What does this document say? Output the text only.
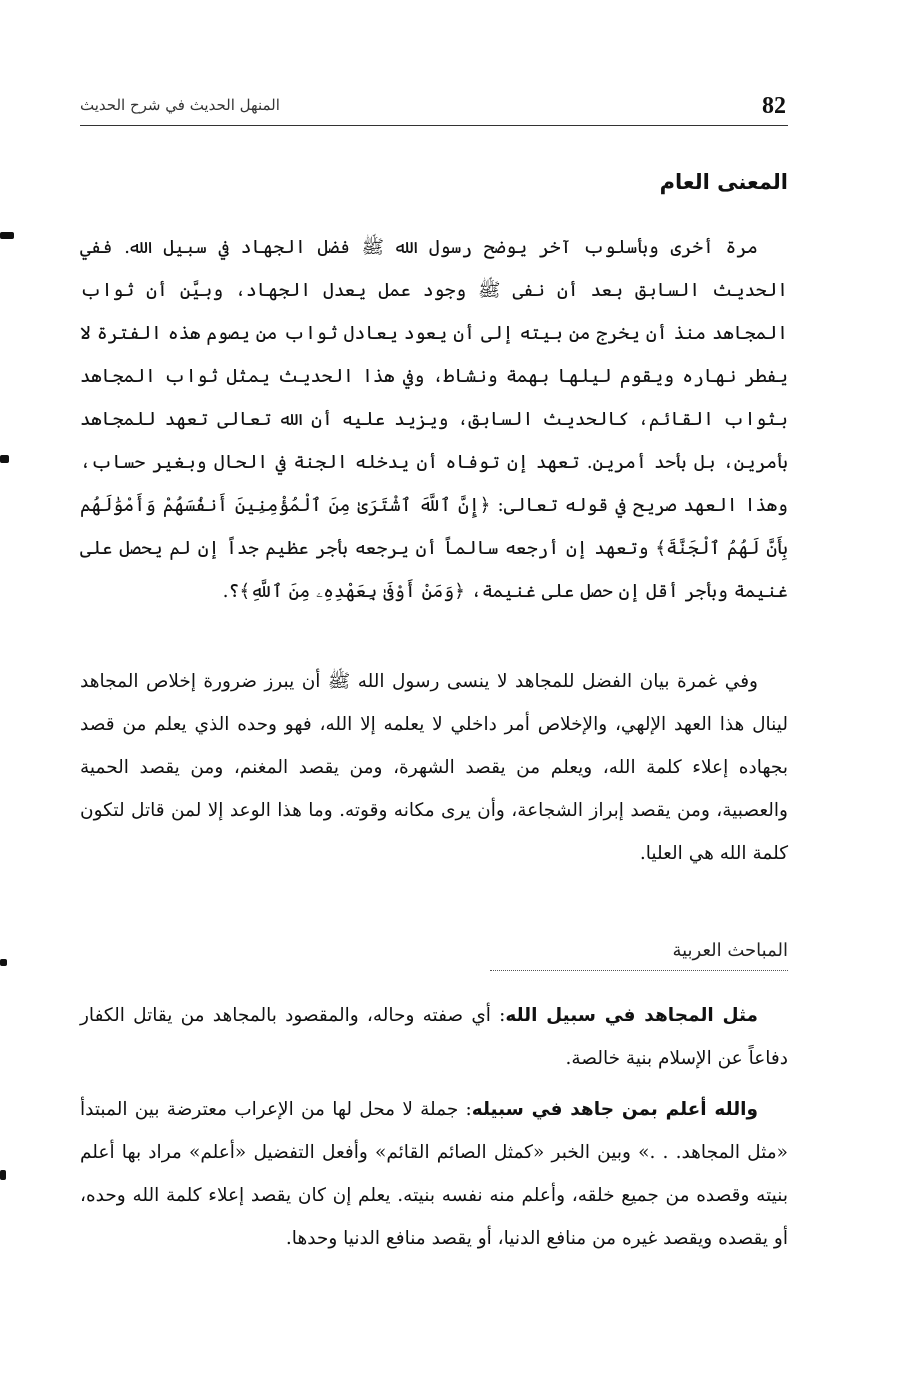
82
المنهل الحديث في شرح الحديث
المعنى العام
مرة أخرى وبأسلوب آخر يوضح رسول الله ﷺ فضل الجهاد في سبيل الله. ففي الحديث السابق بعد أن نفى ﷺ وجود عمل يعدل الجهاد، وبيَّن أن ثواب المجاهد منذ أن يخرج من بيته إلى أن يعود يعادل ثواب من يصوم هذه الفترة لا يفطر نهاره ويقوم ليلها بهمة ونشاط، وفي هذا الحديث يمثل ثواب المجاهد بثواب القائم، كالحديث السابق، ويزيد عليه أن الله تعالى تعهد للمجاهد بأمرين، بل بأحد أمرين. تعهد إن توفاه أن يدخله الجنة في الحال وبغير حساب، وهذا العهد صريح في قوله تعالى: ﴿إِنَّ ٱللَّهَ ٱشْتَرَىٰ مِنَ ٱلْمُؤْمِنِينَ أَنفُسَهُمْ وَأَمْوَٰلَهُم بِأَنَّ لَهُمُ ٱلْجَنَّةَ﴾ وتعهد إن أرجعه سالماً أن يرجعه بأجر عظيم جداً إن لم يحصل على غنيمة وبأجر أقل إن حصل على غنيمة، ﴿وَمَنْ أَوْفَىٰ بِعَهْدِهِۦ مِنَ ٱللَّهِ﴾؟.
وفي غمرة بيان الفضل للمجاهد لا ينسى رسول الله ﷺ أن يبرز ضرورة إخلاص المجاهد لينال هذا العهد الإلهي، والإخلاص أمر داخلي لا يعلمه إلا الله، فهو وحده الذي يعلم من قصد بجهاده إعلاء كلمة الله، ويعلم من يقصد الشهرة، ومن يقصد المغنم، ومن يقصد الحمية والعصبية، ومن يقصد إبراز الشجاعة، وأن يرى مكانه وقوته. وما هذا الوعد إلا لمن قاتل لتكون كلمة الله هي العليا.
المباحث العربية
مثل المجاهد في سبيل الله: أي صفته وحاله، والمقصود بالمجاهد من يقاتل الكفار دفاعاً عن الإسلام بنية خالصة.
والله أعلم بمن جاهد في سبيله: جملة لا محل لها من الإعراب معترضة بين المبتدأ «مثل المجاهد. . .» وبين الخبر «كمثل الصائم القائم» وأفعل التفضيل «أعلم» مراد بها أعلم بنيته وقصده من جميع خلقه، وأعلم منه نفسه بنيته. يعلم إن كان يقصد إعلاء كلمة الله وحده، أو يقصده ويقصد غيره من منافع الدنيا، أو يقصد منافع الدنيا وحدها.
